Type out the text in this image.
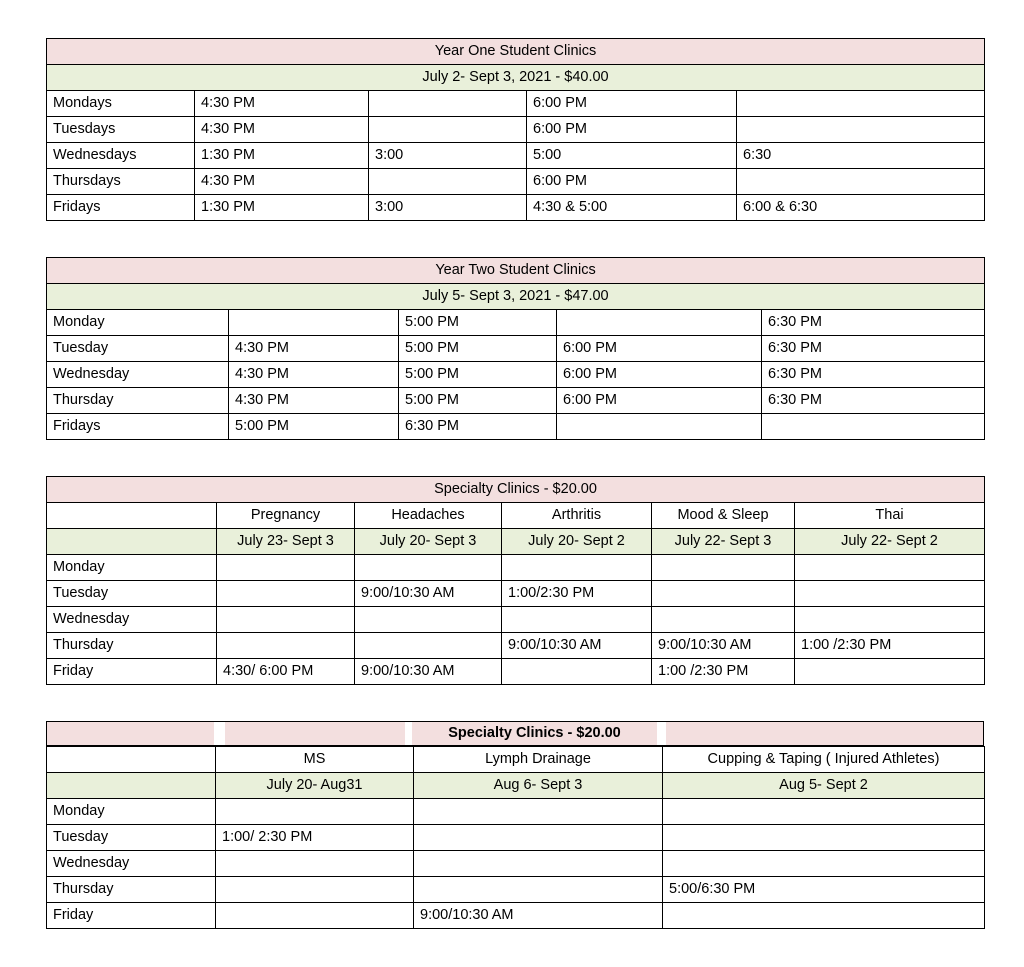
Year One Student Clinics				
July 2- Sept 3, 2021 - $40.00				
Mondays	4:30 PM		6:00 PM	
Tuesdays	4:30 PM		6:00 PM	
Wednesdays	1:30 PM	3:00	5:00	6:30
Thursdays	4:30 PM		6:00 PM	
Fridays	1:30 PM	3:00	4:30 & 5:00	6:00 & 6:30
Year Two Student Clinics				
July 5- Sept 3, 2021 - $47.00				
Monday		5:00 PM		6:30 PM
Tuesday	4:30 PM	5:00 PM	6:00 PM	6:30 PM
Wednesday	4:30 PM	5:00 PM	6:00 PM	6:30 PM
Thursday	4:30 PM	5:00 PM	6:00 PM	6:30 PM
Fridays	5:00 PM	6:30 PM		
Specialty Clinics - $20.00					
	Pregnancy	Headaches	Arthritis	Mood & Sleep	Thai
	July 23- Sept 3	July 20- Sept 3	July 20- Sept 2	July 22- Sept 3	July 22- Sept 2
Monday					
Tuesday		9:00/10:30 AM	1:00/2:30 PM		
Wednesday					
Thursday			9:00/10:30 AM	9:00/10:30 AM	1:00 /2:30 PM
Friday	4:30/ 6:00 PM	9:00/10:30 AM		1:00 /2:30 PM	
Specialty Clinics - $20.00
	MS	Lymph Drainage	Cupping & Taping ( Injured Athletes)
	July 20- Aug31	Aug 6- Sept 3	Aug 5- Sept 2
Monday			
Tuesday	1:00/ 2:30 PM		
Wednesday			
Thursday			5:00/6:30 PM
Friday		9:00/10:30 AM	
